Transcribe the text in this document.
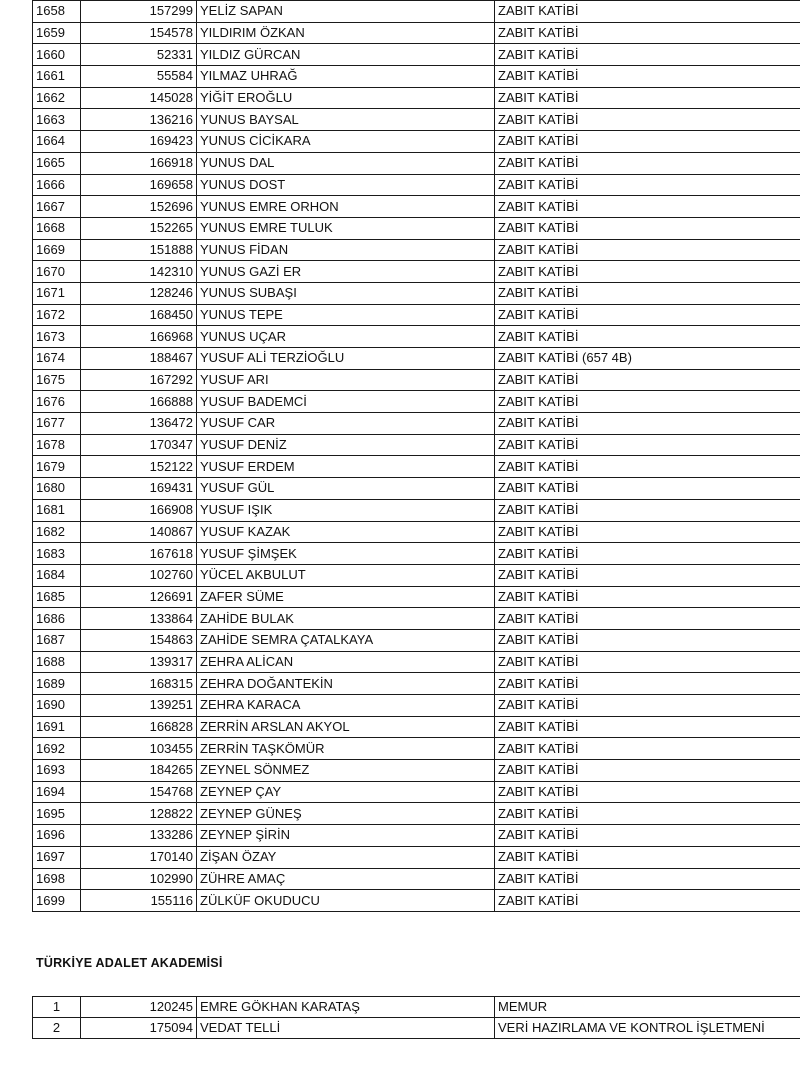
1658	157299	YELİZ SAPAN	ZABIT KATİBİ
1659	154578	YILDIRIM ÖZKAN	ZABIT KATİBİ
1660	52331	YILDIZ GÜRCAN	ZABIT KATİBİ
1661	55584	YILMAZ UHRAĞ	ZABIT KATİBİ
1662	145028	YİĞİT EROĞLU	ZABIT KATİBİ
1663	136216	YUNUS BAYSAL	ZABIT KATİBİ
1664	169423	YUNUS CİCİKARA	ZABIT KATİBİ
1665	166918	YUNUS DAL	ZABIT KATİBİ
1666	169658	YUNUS DOST	ZABIT KATİBİ
1667	152696	YUNUS EMRE ORHON	ZABIT KATİBİ
1668	152265	YUNUS EMRE TULUK	ZABIT KATİBİ
1669	151888	YUNUS FİDAN	ZABIT KATİBİ
1670	142310	YUNUS GAZİ ER	ZABIT KATİBİ
1671	128246	YUNUS SUBAŞI	ZABIT KATİBİ
1672	168450	YUNUS TEPE	ZABIT KATİBİ
1673	166968	YUNUS UÇAR	ZABIT KATİBİ
1674	188467	YUSUF ALİ TERZİOĞLU	ZABIT KATİBİ (657 4B)
1675	167292	YUSUF ARI	ZABIT KATİBİ
1676	166888	YUSUF BADEMCİ	ZABIT KATİBİ
1677	136472	YUSUF CAR	ZABIT KATİBİ
1678	170347	YUSUF DENİZ	ZABIT KATİBİ
1679	152122	YUSUF ERDEM	ZABIT KATİBİ
1680	169431	YUSUF GÜL	ZABIT KATİBİ
1681	166908	YUSUF IŞIK	ZABIT KATİBİ
1682	140867	YUSUF KAZAK	ZABIT KATİBİ
1683	167618	YUSUF ŞİMŞEK	ZABIT KATİBİ
1684	102760	YÜCEL AKBULUT	ZABIT KATİBİ
1685	126691	ZAFER SÜME	ZABIT KATİBİ
1686	133864	ZAHİDE BULAK	ZABIT KATİBİ
1687	154863	ZAHİDE SEMRA ÇATALKAYA	ZABIT KATİBİ
1688	139317	ZEHRA ALİCAN	ZABIT KATİBİ
1689	168315	ZEHRA DOĞANTEKİN	ZABIT KATİBİ
1690	139251	ZEHRA KARACA	ZABIT KATİBİ
1691	166828	ZERRİN ARSLAN AKYOL	ZABIT KATİBİ
1692	103455	ZERRİN TAŞKÖMÜR	ZABIT KATİBİ
1693	184265	ZEYNEL SÖNMEZ	ZABIT KATİBİ
1694	154768	ZEYNEP ÇAY	ZABIT KATİBİ
1695	128822	ZEYNEP GÜNEŞ	ZABIT KATİBİ
1696	133286	ZEYNEP ŞİRİN	ZABIT KATİBİ
1697	170140	ZİŞAN ÖZAY	ZABIT KATİBİ
1698	102990	ZÜHRE AMAÇ	ZABIT KATİBİ
1699	155116	ZÜLKÜF OKUDUCU	ZABIT KATİBİ
TÜRKİYE ADALET AKADEMİSİ
1	120245	EMRE GÖKHAN KARATAŞ	MEMUR
2	175094	VEDAT TELLİ	VERİ HAZIRLAMA VE KONTROL İŞLETMENİ
